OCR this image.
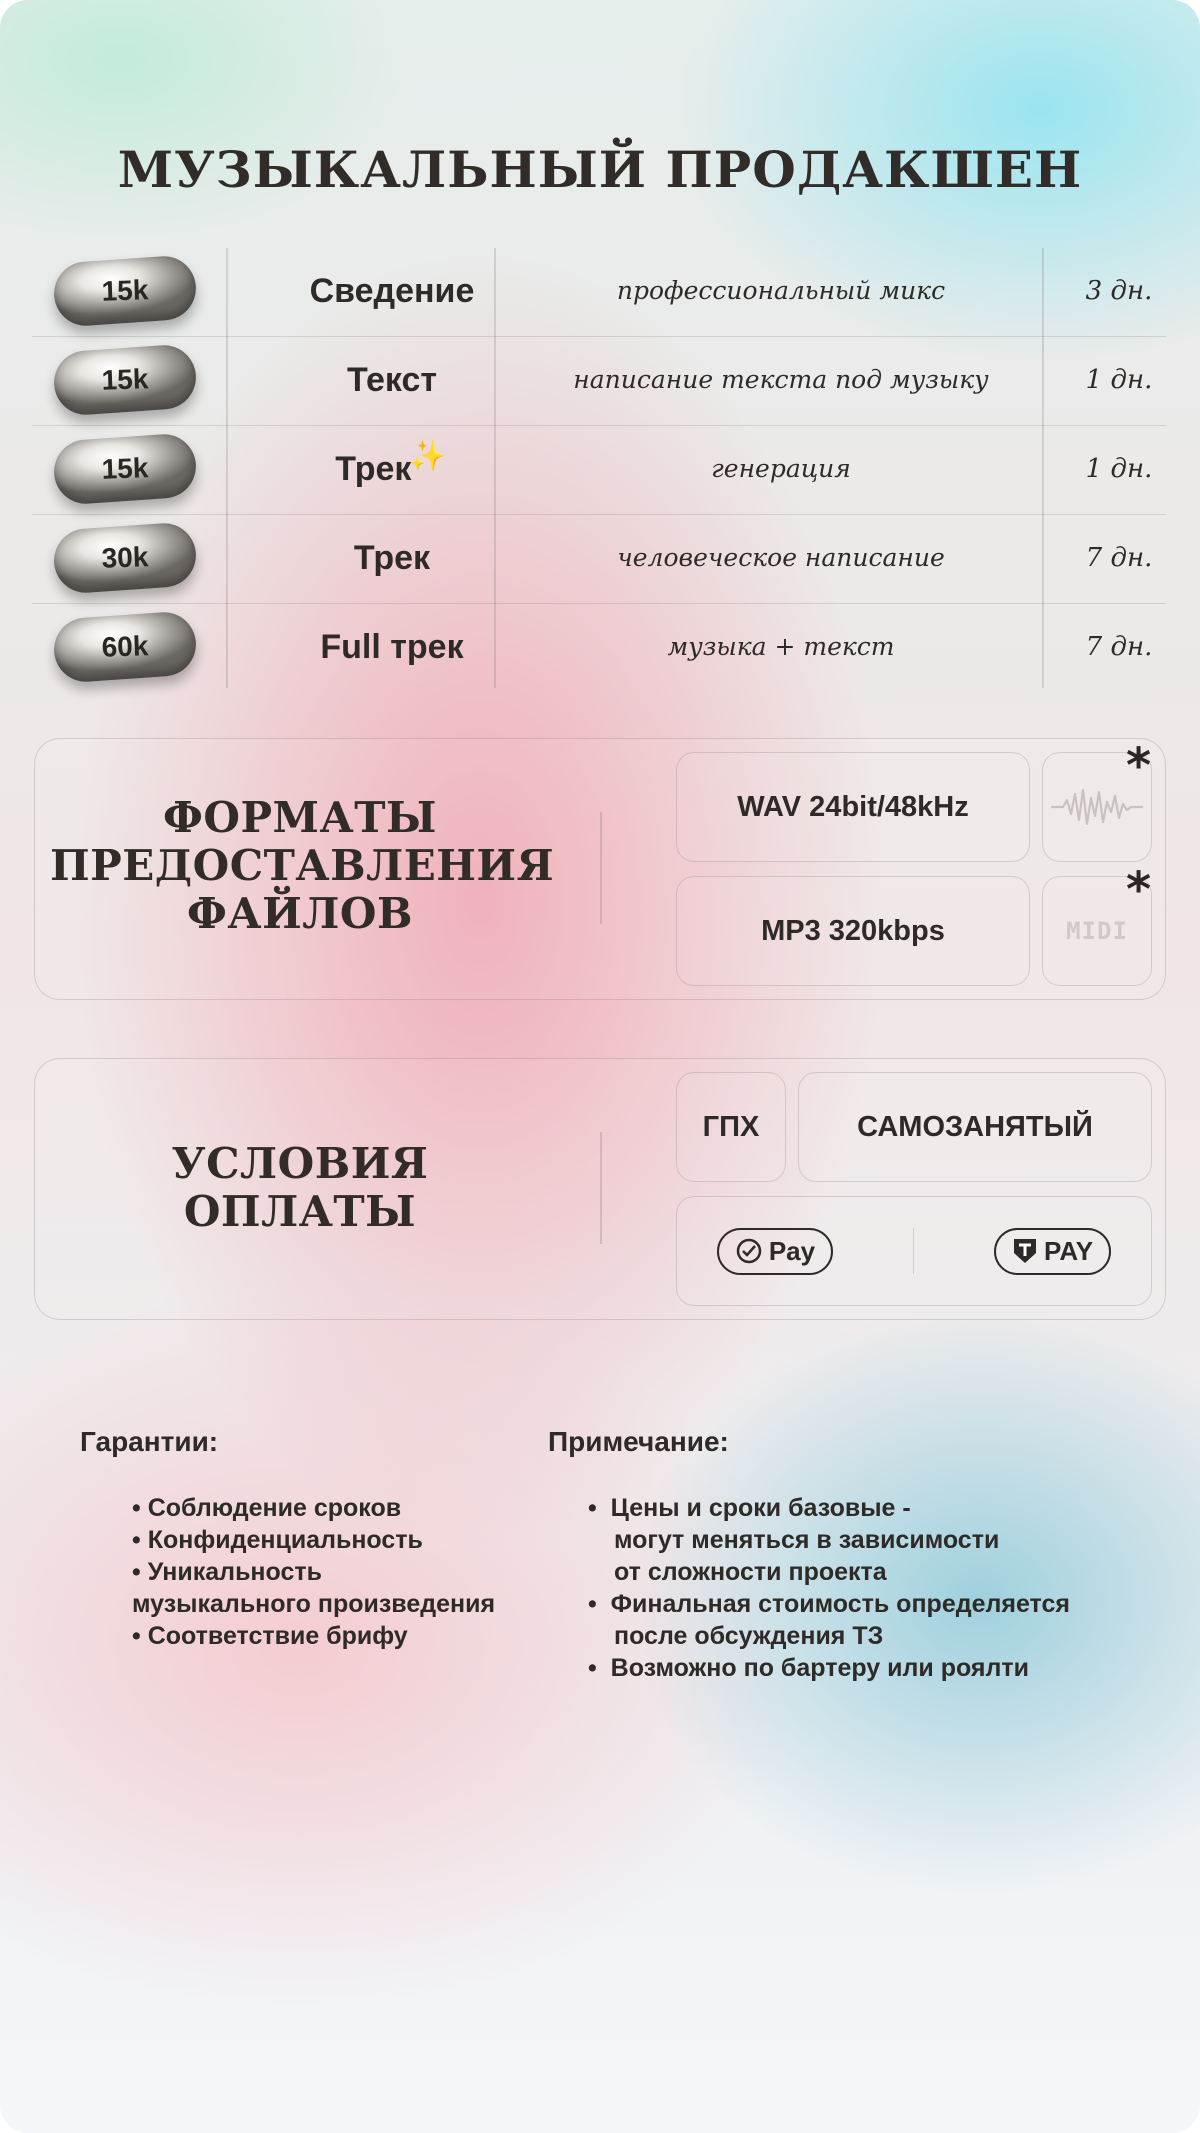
МУЗЫКАЛЬНЫЙ ПРОДАКШЕН
15k	Сведение	профессиональный микс	3 дн.
15k	Текст	написание текста под музыку	1 дн.
15k	Трек✨	генерация	1 дн.
30k	Трек	человеческое написание	7 дн.
60k	Full трек	музыка + текст	7 дн.
ФОРМАТЫ
ПРЕДОСТАВЛЕНИЯ
ФАЙЛОВ
WAV 24bit/48kHz
MP3 320kbps	MIDI
*
*
УСЛОВИЯ
ОПЛАТЫ
ГПХ	САМОЗАНЯТЫЙ
Pay	PAY
Гарантии:
• Соблюдение сроков
• Конфиденциальность
• Уникальность
музыкального произведения
• Соответствие брифу
Примечание:
•  Цены и сроки базовые -
могут меняться в зависимости
от сложности проекта
•  Финальная стоимость определяется
после обсуждения ТЗ
•  Возможно по бартеру или роялти
